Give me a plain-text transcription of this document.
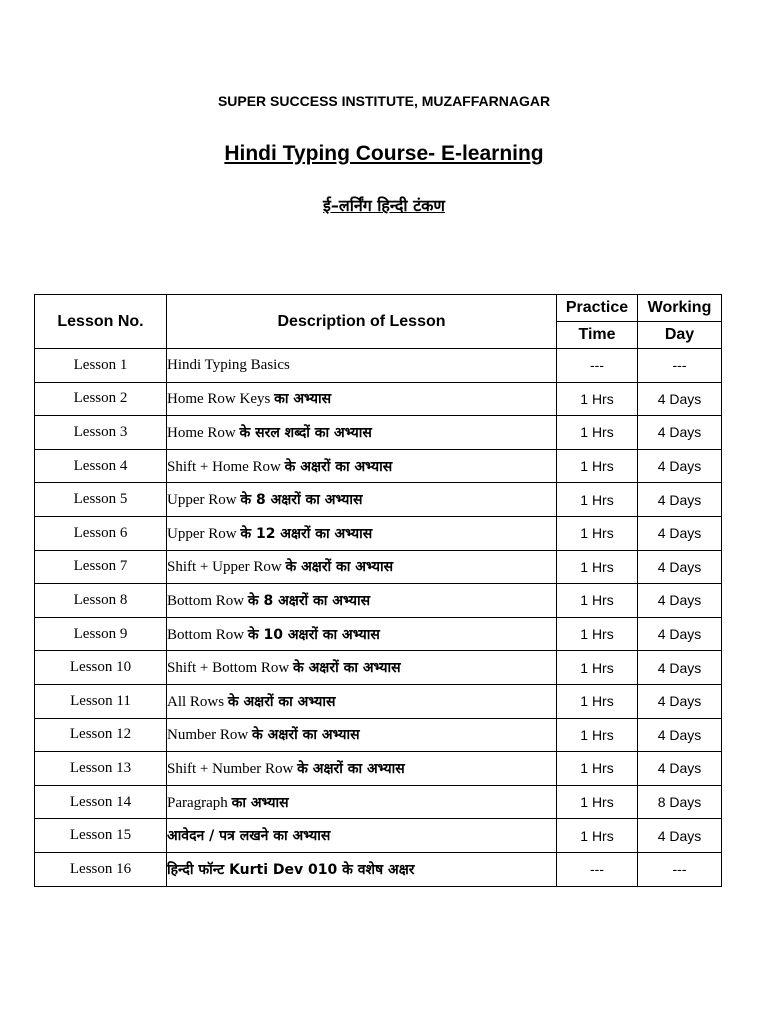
SUPER SUCCESS INSTITUTE, MUZAFFARNAGAR
Hindi Typing Course- E-learning
ई–लर्निंग हिन्दी टंकण
Lesson No.	Description of Lesson	Practice	Working
		Time	Day
Lesson 1	Hindi Typing Basics	---	---
Lesson 2	Home Row Keys का अभ्यास	1 Hrs	4 Days
Lesson 3	Home Row के सरल शब्दों का अभ्यास	1 Hrs	4 Days
Lesson 4	Shift + Home Row के अक्षरों का अभ्यास	1 Hrs	4 Days
Lesson 5	Upper Row के 8 अक्षरों का अभ्यास	1 Hrs	4 Days
Lesson 6	Upper Row के 12 अक्षरों का अभ्यास	1 Hrs	4 Days
Lesson 7	Shift + Upper Row के अक्षरों का अभ्यास	1 Hrs	4 Days
Lesson 8	Bottom Row के 8 अक्षरों का अभ्यास	1 Hrs	4 Days
Lesson 9	Bottom Row के 10 अक्षरों का अभ्यास	1 Hrs	4 Days
Lesson 10	Shift + Bottom Row के अक्षरों का अभ्यास	1 Hrs	4 Days
Lesson 11	All Rows के अक्षरों का अभ्यास	1 Hrs	4 Days
Lesson 12	Number Row के अक्षरों का अभ्यास	1 Hrs	4 Days
Lesson 13	Shift + Number Row के अक्षरों का अभ्यास	1 Hrs	4 Days
Lesson 14	Paragraph का अभ्यास	1 Hrs	8 Days
Lesson 15	आवेदन / पत्र लखने का अभ्यास	1 Hrs	4 Days
Lesson 16	हिन्दी फॉन्ट Kurti Dev 010 के वशेष अक्षर	---	---
